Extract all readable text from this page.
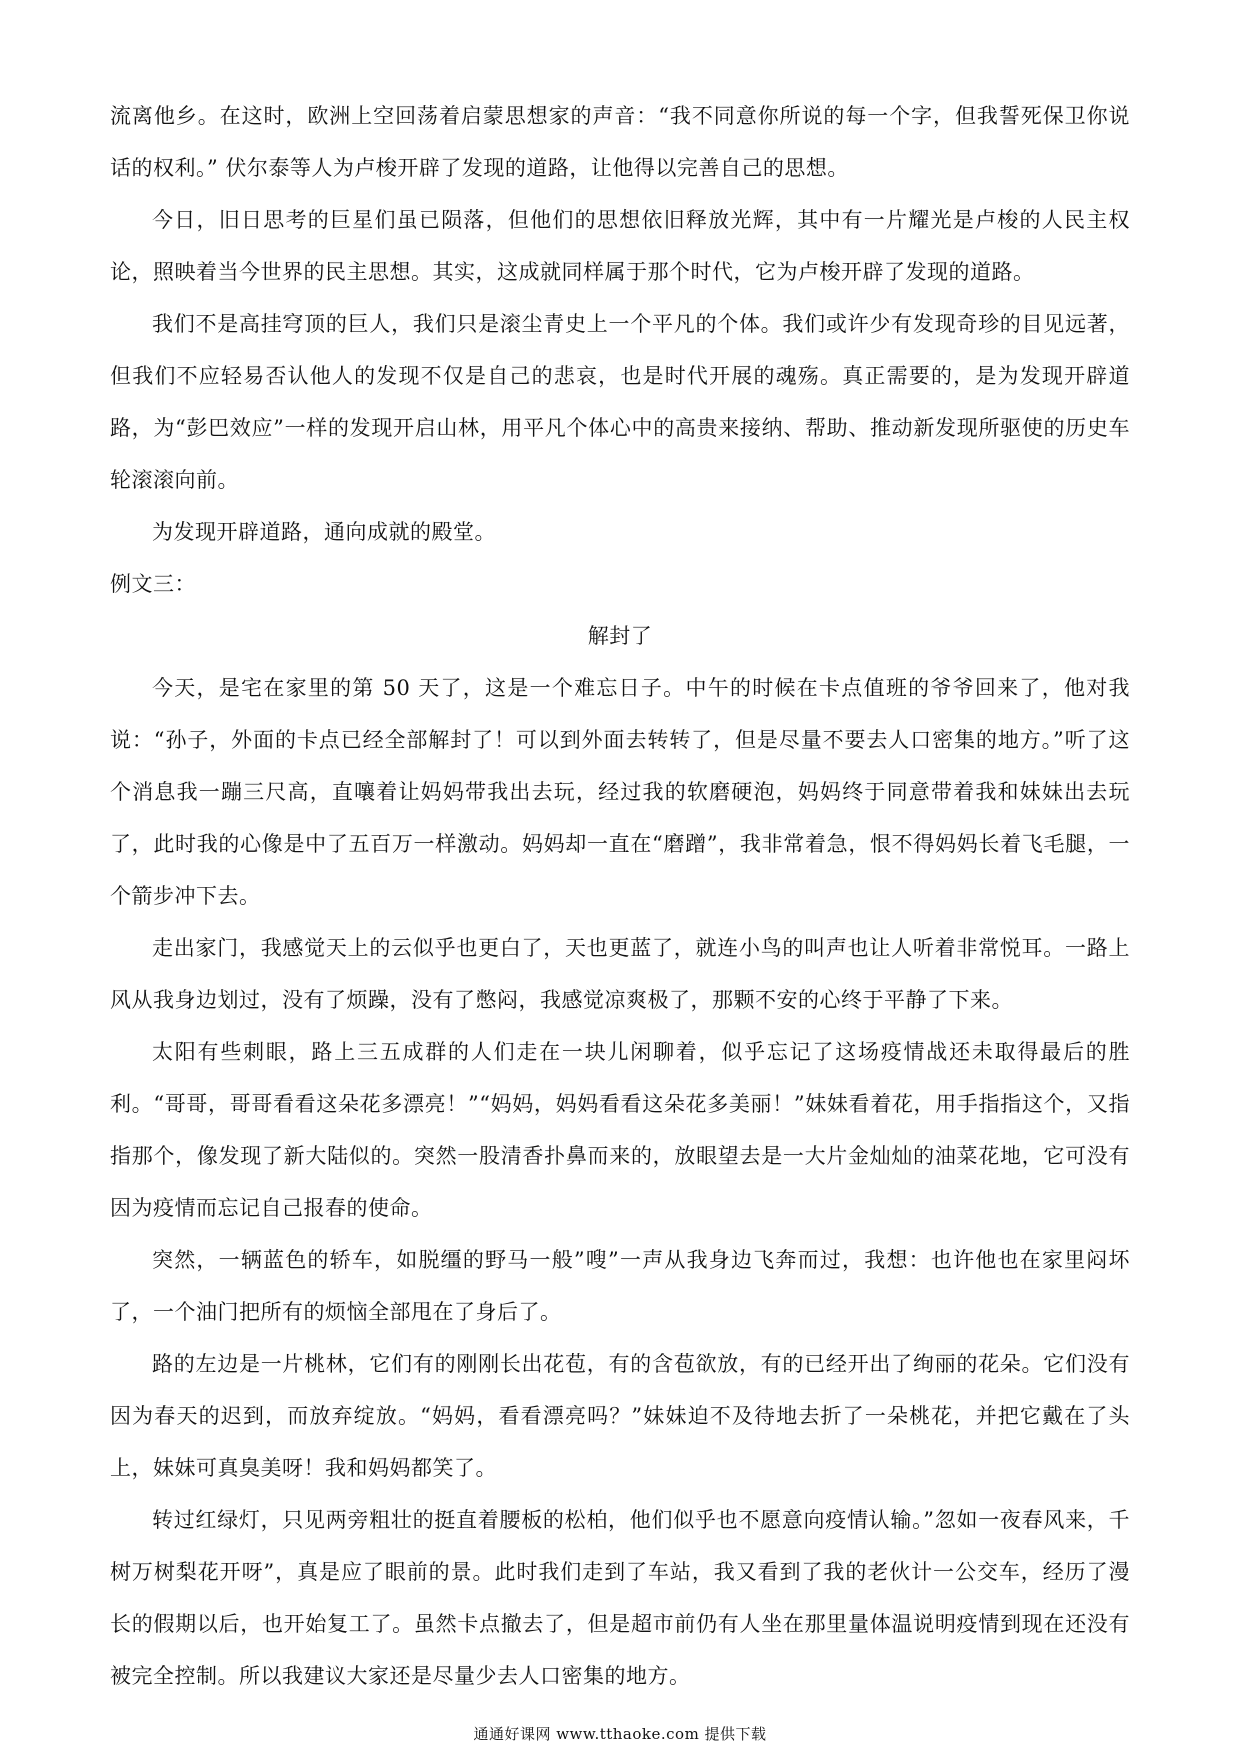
流离他乡。在这时，欧洲上空回荡着启蒙思想家的声音：“我不同意你所说的每一个字，但我誓死保卫你说话的权利。” 伏尔泰等人为卢梭开辟了发现的道路，让他得以完善自己的思想。

今日，旧日思考的巨星们虽已陨落，但他们的思想依旧释放光辉，其中有一片耀光是卢梭的人民主权论，照映着当今世界的民主思想。其实，这成就同样属于那个时代，它为卢梭开辟了发现的道路。

我们不是高挂穹顶的巨人，我们只是滚尘青史上一个平凡的个体。我们或许少有发现奇珍的目见远著，但我们不应轻易否认他人的发现不仅是自己的悲哀，也是时代开展的魂殇。真正需要的，是为发现开辟道路，为“彭巴效应”一样的发现开启山林，用平凡个体心中的高贵来接纳、帮助、推动新发现所驱使的历史车轮滚滚向前。

为发现开辟道路，通向成就的殿堂。

例文三：

解封了

今天，是宅在家里的第 50 天了，这是一个难忘日子。中午的时候在卡点值班的爷爷回来了，他对我说：“孙子，外面的卡点已经全部解封了！可以到外面去转转了，但是尽量不要去人口密集的地方。”听了这个消息我一蹦三尺高，直嚷着让妈妈带我出去玩，经过我的软磨硬泡，妈妈终于同意带着我和妹妹出去玩了，此时我的心像是中了五百万一样激动。妈妈却一直在“磨蹭”，我非常着急，恨不得妈妈长着飞毛腿，一个箭步冲下去。

走出家门，我感觉天上的云似乎也更白了，天也更蓝了，就连小鸟的叫声也让人听着非常悦耳。一路上风从我身边划过，没有了烦躁，没有了憋闷，我感觉凉爽极了，那颗不安的心终于平静了下来。

太阳有些刺眼，路上三五成群的人们走在一块儿闲聊着，似乎忘记了这场疫情战还未取得最后的胜利。“哥哥，哥哥看看这朵花多漂亮！”“妈妈，妈妈看看这朵花多美丽！”妹妹看着花，用手指指这个，又指指那个，像发现了新大陆似的。突然一股清香扑鼻而来的，放眼望去是一大片金灿灿的油菜花地，它可没有因为疫情而忘记自己报春的使命。

突然，一辆蓝色的轿车，如脱缰的野马一般”嗖”一声从我身边飞奔而过，我想：也许他也在家里闷坏了，一个油门把所有的烦恼全部甩在了身后了。

路的左边是一片桃林，它们有的刚刚长出花苞，有的含苞欲放，有的已经开出了绚丽的花朵。它们没有因为春天的迟到，而放弃绽放。“妈妈，看看漂亮吗？”妹妹迫不及待地去折了一朵桃花，并把它戴在了头上，妹妹可真臭美呀！我和妈妈都笑了。

转过红绿灯，只见两旁粗壮的挺直着腰板的松柏，他们似乎也不愿意向疫情认输。”忽如一夜春风来，千树万树梨花开呀”，真是应了眼前的景。此时我们走到了车站，我又看到了我的老伙计一公交车，经历了漫长的假期以后，也开始复工了。虽然卡点撤去了，但是超市前仍有人坐在那里量体温说明疫情到现在还没有被完全控制。所以我建议大家还是尽量少去人口密集的地方。

通通好课网 www.tthaoke.com 提供下载
